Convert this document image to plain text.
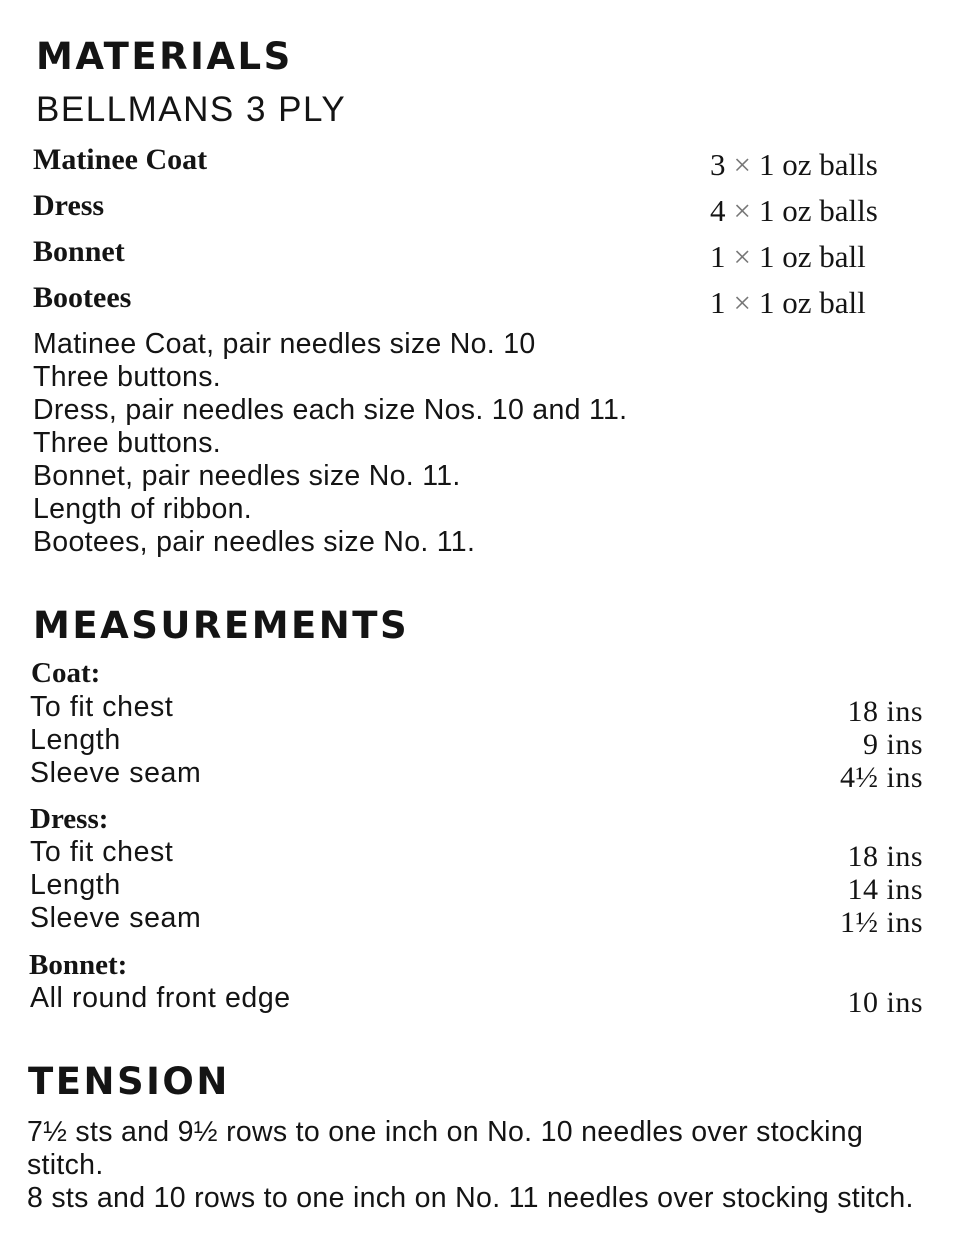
MATERIALS
BELLMANS 3 PLY
Matinee Coat	3 × 1 oz balls
Dress	4 × 1 oz balls
Bonnet	1 × 1 oz ball
Bootees	1 × 1 oz ball
Matinee Coat, pair needles size No. 10
Three buttons.
Dress, pair needles each size Nos. 10 and 11.
Three buttons.
Bonnet, pair needles size No. 11.
Length of ribbon.
Bootees, pair needles size No. 11.
MEASUREMENTS
Coat:
To fit chest	18 ins
Length	9 ins
Sleeve seam	4½ ins
Dress:
To fit chest	18 ins
Length	14 ins
Sleeve seam	1½ ins
Bonnet:
All round front edge	10 ins
TENSION
7½ sts and 9½ rows to one inch on No. 10 needles over stocking stitch.
8 sts and 10 rows to one inch on No. 11 needles over stocking stitch.
